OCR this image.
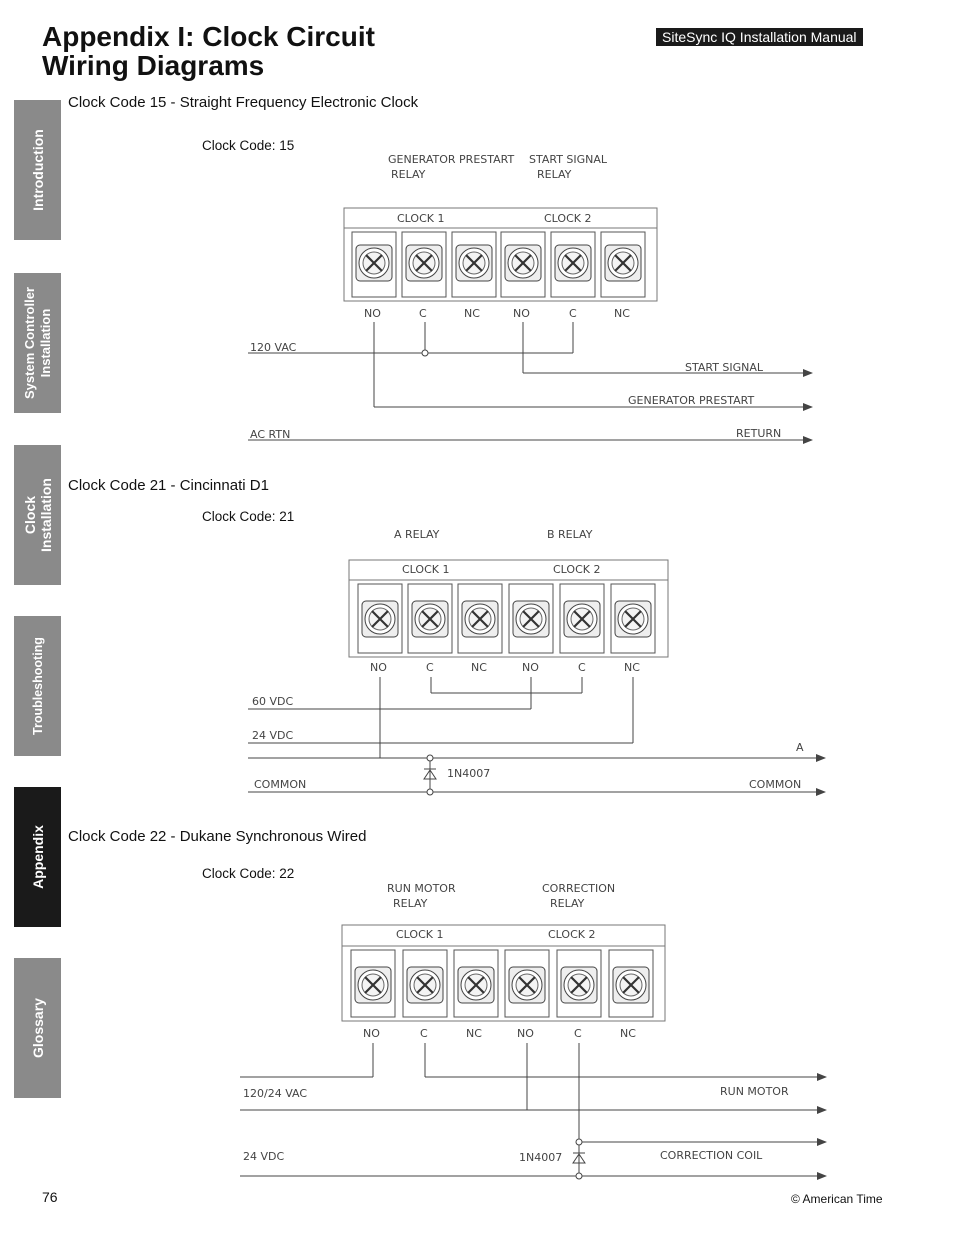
Appendix I: Clock Circuit
Wiring Diagrams
SiteSync IQ Installation Manual
Introduction
System Controller Installation
Clock Installation
Troubleshooting
Appendix
Glossary
Clock Code 15 - Straight Frequency Electronic Clock
Clock Code: 15
Clock Code 21 - Cincinnati D1
Clock Code: 21
Clock Code 22 - Dukane Synchronous Wired
Clock Code: 22
GENERATOR PRESTART
RELAY
START SIGNAL
RELAY
CLOCK 1	CLOCK 2
NO	C	NC	NO	C	NC
120 VAC
AC RTN
START SIGNAL
GENERATOR PRESTART
RETURN
A RELAY	B RELAY
CLOCK 1	CLOCK 2
NO	C	NC	NO	C	NC
1N4007
60 VDC
24 VDC
COMMON
A
COMMON
RUN MOTOR
RELAY
CORRECTION
RELAY
CLOCK 1	CLOCK 2
NO	C	NC	NO	C	NC
1N4007
120/24 VAC
24 VDC
RUN MOTOR
CORRECTION COIL
76	© American Time
